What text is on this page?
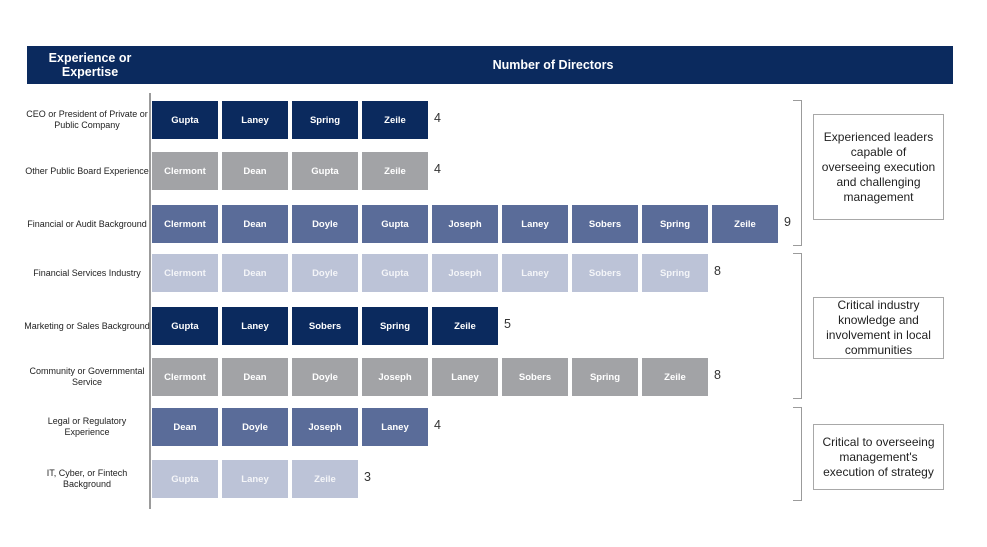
Experience or Expertise	Number of Directors
CEO or President of Private or Public Company	Gupta	Laney	Spring	Zeile	4
Other Public Board Experience	Clermont	Dean	Gupta	Zeile	4
Financial or Audit Background	Clermont	Dean	Doyle	Gupta	Joseph	Laney	Sobers	Spring	Zeile	9
Financial Services Industry	Clermont	Dean	Doyle	Gupta	Joseph	Laney	Sobers	Spring	8
Marketing or Sales Background	Gupta	Laney	Sobers	Spring	Zeile	5
Community or Governmental Service	Clermont	Dean	Doyle	Joseph	Laney	Sobers	Spring	Zeile	8
Legal or Regulatory Experience	Dean	Doyle	Joseph	Laney	4
IT, Cyber, or Fintech Background	Gupta	Laney	Zeile	3
Experienced leaders capable of overseeing execution and challenging management
Critical industry knowledge and involvement in local communities
Critical to overseeing management's execution of strategy
